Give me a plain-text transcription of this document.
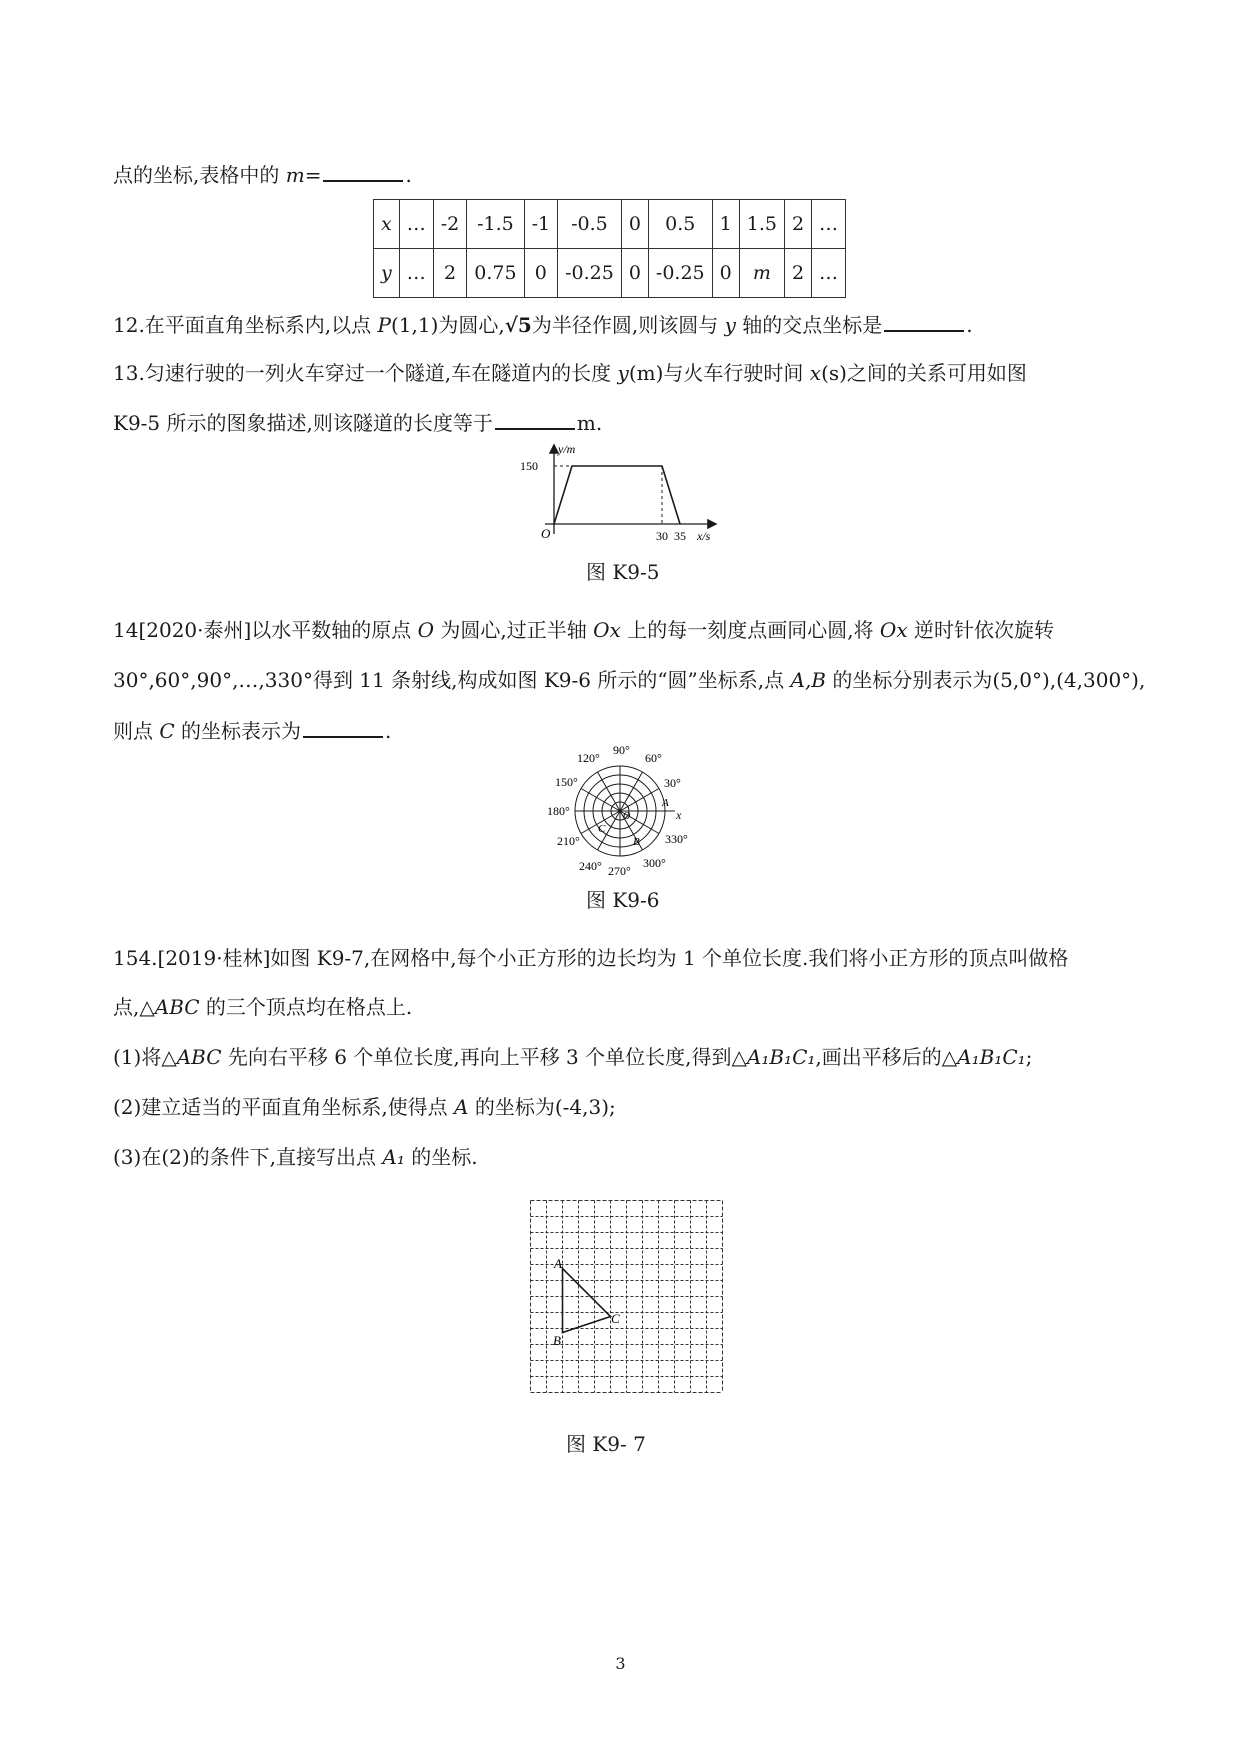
点的坐标,表格中的 m=	.
x	…	-2	-1.5	-1	-0.5	0	0.5	1	1.5	2	…
y	…	2	0.75	0	-0.25	0	-0.25	0	m	2	…
12.在平面直角坐标系内,以点 P(1,1)为圆心,√5为半径作圆,则该圆与 y 轴的交点坐标是	.
13.匀速行驶的一列火车穿过一个隧道,车在隧道内的长度 y(m)与火车行驶时间 x(s)之间的关系可用如图
K9-5 所示的图象描述,则该隧道的长度等于	m.
y/m
x/s
O
150
30 35
图 K9-5
14[2020·泰州]以水平数轴的原点 O 为圆心,过正半轴 Ox 上的每一刻度点画同心圆,将 Ox 逆时针依次旋转
30°,60°,90°,…,330°得到 11 条射线,构成如图 K9-6 所示的“圆”坐标系,点 A,B 的坐标分别表示为(5,0°),(4,300°),
则点 C 的坐标表示为	.
90°
60°
30°
330°
300°
270°
240°
210°
180°
150°
120°
A
B
C
O	x
图 K9-6
154.[2019·桂林]如图 K9-7,在网格中,每个小正方形的边长均为 1 个单位长度.我们将小正方形的顶点叫做格
点,△ABC 的三个顶点均在格点上.
(1)将△ABC 先向右平移 6 个单位长度,再向上平移 3 个单位长度,得到△A₁B₁C₁,画出平移后的△A₁B₁C₁;
(2)建立适当的平面直角坐标系,使得点 A 的坐标为(-4,3);
(3)在(2)的条件下,直接写出点 A₁ 的坐标.
A
B
C
图 K9- 7
3
